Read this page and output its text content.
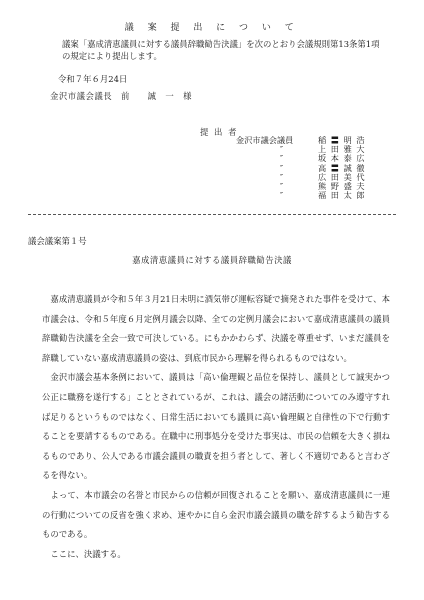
議 案 提 出 に つ い て

議案「嘉成清恵議員に対する議員辞職勧告決議」を次のとおり会議規則第13条第1項の規定により提出します。

令和７年６月24日

金沢市議会議長　前　　誠　一　様

提 出 者

金沢市議会議員	稲 〓 明 浩
″	上 田 雅 大
″	坂 本 泰 広
″	高 〓 誠 徹
″	広 田 美 代
″	熊 野 盛 夫
″	福 田 太 郎

議会議案第１号

嘉成清恵議員に対する議員辞職勧告決議

嘉成清恵議員が令和５年３月21日未明に酒気帯び運転容疑で摘発された事件を受けて、本市議会は、令和５年度６月定例月議会以降、全ての定例月議会において嘉成清恵議員の議員辞職勧告決議を全会一致で可決している。にもかかわらず、決議を尊重せず、いまだ議員を辞職していない嘉成清恵議員の姿は、到底市民から理解を得られるものではない。

金沢市議会基本条例において、議員は「高い倫理観と品位を保持し、議員として誠実かつ公正に職務を遂行する」こととされているが、これは、議会の諸活動についてのみ遵守すれば足りるというものではなく、日常生活においても議員に高い倫理観と自律性の下で行動することを要請するものである。在職中に刑事処分を受けた事実は、市民の信頼を大きく損ねるものであり、公人である市議会議員の職責を担う者として、著しく不適切であると言わざるを得ない。

よって、本市議会の名誉と市民からの信頼が回復されることを願い、嘉成清恵議員に一連の行動についての反省を強く求め、速やかに自ら金沢市議会議員の職を辞するよう勧告するものである。

ここに、決議する。
